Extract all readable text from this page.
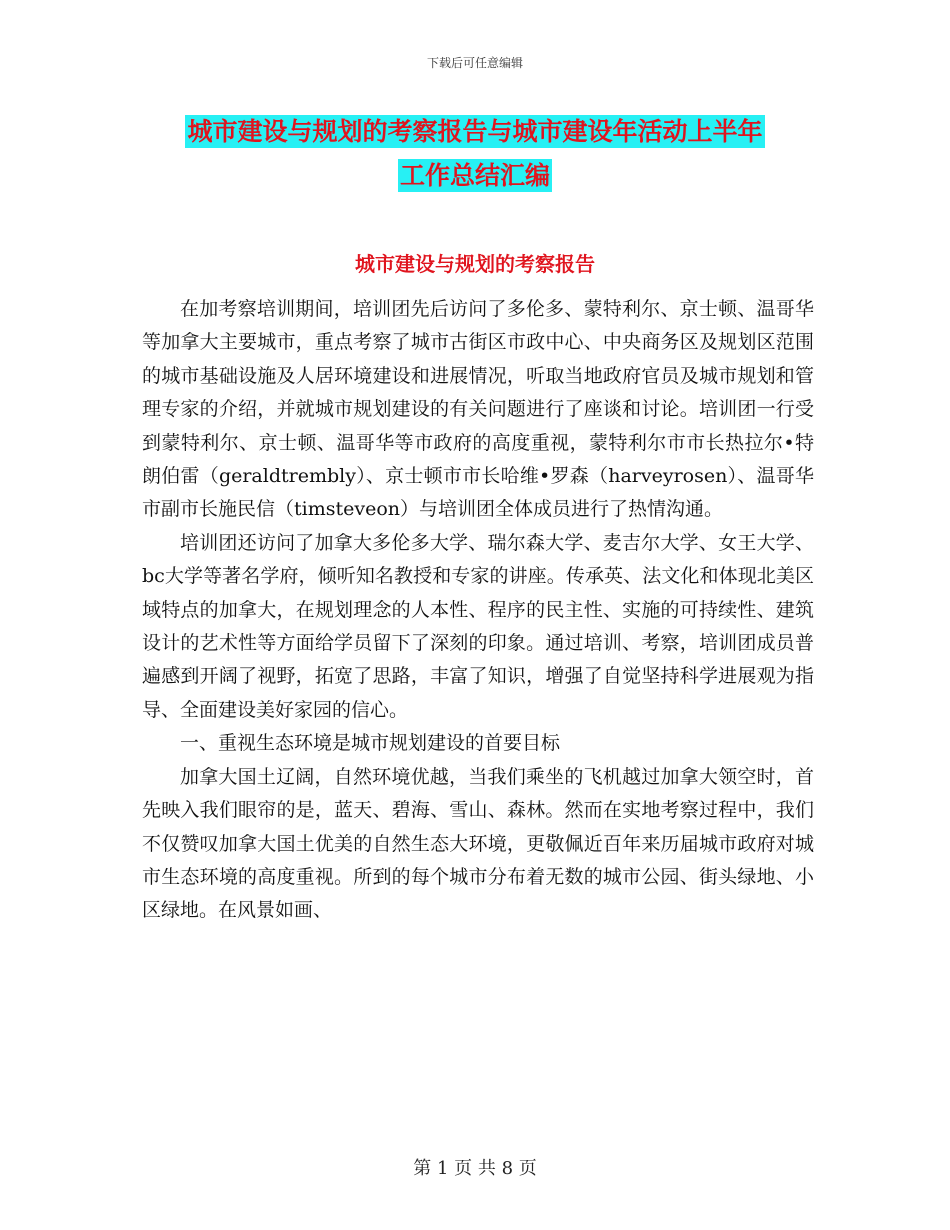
下载后可任意编辑
城市建设与规划的考察报告与城市建设年活动上半年
工作总结汇编
城市建设与规划的考察报告

在加考察培训期间，培训团先后访问了多伦多、蒙特利尔、京士顿、温哥华等加拿大主要城市，重点考察了城市古街区市政中心、中央商务区及规划区范围的城市基础设施及人居环境建设和进展情况，听取当地政府官员及城市规划和管理专家的介绍，并就城市规划建设的有关问题进行了座谈和讨论。培训团一行受到蒙特利尔、京士顿、温哥华等市政府的高度重视，蒙特利尔市市长热拉尔•特朗伯雷（geraldtrembly）、京士顿市市长哈维•罗森（harveyrosen）、温哥华市副市长施民信（timsteveon）与培训团全体成员进行了热情沟通。

培训团还访问了加拿大多伦多大学、瑞尔森大学、麦吉尔大学、女王大学、bc大学等著名学府，倾听知名教授和专家的讲座。传承英、法文化和体现北美区域特点的加拿大，在规划理念的人本性、程序的民主性、实施的可持续性、建筑设计的艺术性等方面给学员留下了深刻的印象。通过培训、考察，培训团成员普遍感到开阔了视野，拓宽了思路，丰富了知识，增强了自觉坚持科学进展观为指导、全面建设美好家园的信心。

一、重视生态环境是城市规划建设的首要目标

加拿大国土辽阔，自然环境优越，当我们乘坐的飞机越过加拿大领空时，首先映入我们眼帘的是，蓝天、碧海、雪山、森林。然而在实地考察过程中，我们不仅赞叹加拿大国土优美的自然生态大环境，更敬佩近百年来历届城市政府对城市生态环境的高度重视。所到的每个城市分布着无数的城市公园、街头绿地、小区绿地。在风景如画、

第 1 页 共 8 页
